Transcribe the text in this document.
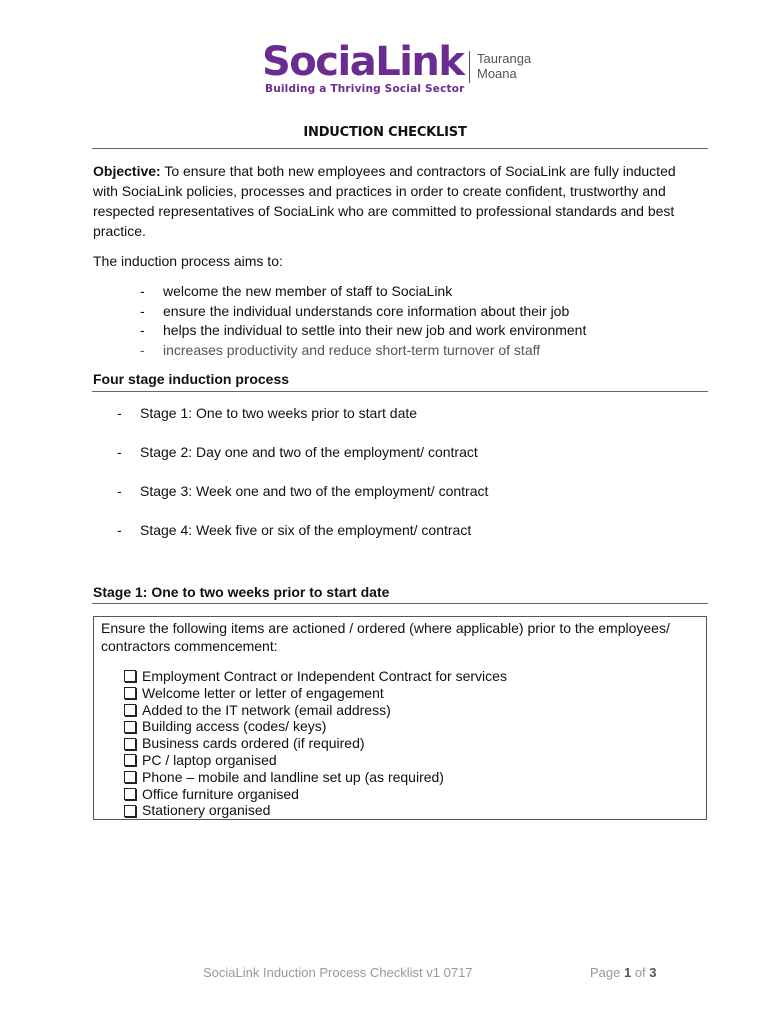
SociaLink
Building a Thriving Social Sector
Tauranga
Moana
INDUCTION CHECKLIST
Objective: To ensure that both new employees and contractors of SociaLink are fully inducted with SociaLink policies, processes and practices in order to create confident, trustworthy and respected representatives of SociaLink who are committed to professional standards and best practice.
The induction process aims to:
- welcome the new member of staff to SociaLink
- ensure the individual understands core information about their job
- helps the individual to settle into their new job and work environment
- increases productivity and reduce short-term turnover of staff
Four stage induction process
- Stage 1: One to two weeks prior to start date
- Stage 2: Day one and two of the employment/ contract
- Stage 3: Week one and two of the employment/ contract
- Stage 4: Week five or six of the employment/ contract
Stage 1: One to two weeks prior to start date
Ensure the following items are actioned / ordered (where applicable) prior to the employees/ contractors commencement:
Employment Contract or Independent Contract for services
Welcome letter or letter of engagement
Added to the IT network (email address)
Building access (codes/ keys)
Business cards ordered (if required)
PC / laptop organised
Phone – mobile and landline set up (as required)
Office furniture organised
Stationery organised
SociaLink Induction Process Checklist v1 0717	Page 1 of 3
